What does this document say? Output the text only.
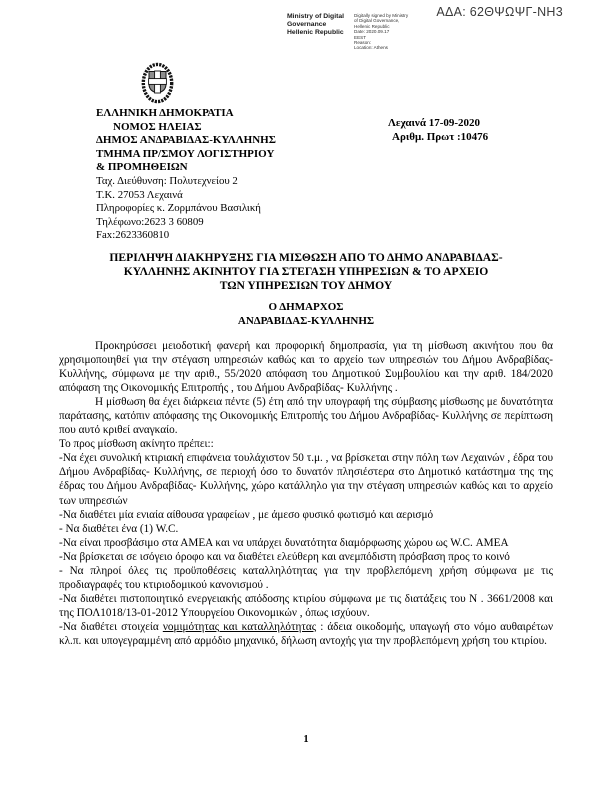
ΑΔΑ: 62ΘΨΩΨΓ-ΝΗ3
Ministry of Digital
Governance
Hellenic Republic
Digitally signed by Ministry
of Digital Governance,
Hellenic Republic
Date: 2020.09.17
EEST
Reason:
Location: Athens
ΕΛΛΗΝΙΚΗ ΔΗΜΟΚΡΑΤΙΑ
ΝΟΜΟΣ ΗΛΕΙΑΣ
ΔΗΜΟΣ ΑΝΔΡΑΒΙΔΑΣ-ΚΥΛΛΗΝΗΣ
ΤΜΗΜΑ ΠΡ/ΣΜΟΥ ΛΟΓΙΣΤΗΡΙΟΥ
& ΠΡΟΜΗΘΕΙΩΝ
Ταχ. Διεύθυνση: Πολυτεχνείου 2
Τ.Κ. 27053 Λεχαινά
Πληροφορίες κ. Ζορμπάνου Βασιλική
Τηλέφωνο:2623 3 60809
Fax:2623360810
Λεχαινά 17-09-2020
Αριθμ. Πρωτ :10476
ΠΕΡΙΛΗΨΗ ΔΙΑΚΗΡΥΞΗΣ ΓΙΑ ΜΙΣΘΩΣΗ ΑΠΟ ΤΟ ΔΗΜΟ ΑΝΔΡΑΒΙΔΑΣ-
ΚΥΛΛΗΝΗΣ ΑΚΙΝΗΤΟΥ ΓΙΑ ΣΤΕΓΑΣΗ ΥΠΗΡΕΣΙΩΝ & ΤΟ ΑΡΧΕΙΟ
ΤΩΝ ΥΠΗΡΕΣΙΩΝ ΤΟΥ ΔΗΜΟΥ
Ο ΔΗΜΑΡΧΟΣ
ΑΝΔΡΑΒΙΔΑΣ-ΚΥΛΛΗΝΗΣ

Προκηρύσσει μειοδοτική φανερή και προφορική δημοπρασία, για τη μίσθωση ακινήτου που θα χρησιμοποιηθεί για την στέγαση υπηρεσιών καθώς και το αρχείο των υπηρεσιών του Δήμου Ανδραβίδας- Κυλλήνης, σύμφωνα με την αριθ., 55/2020 απόφαση του Δημοτικού Συμβουλίου και την αριθ. 184/2020 απόφαση της Οικονομικής Επιτροπής , του Δήμου Ανδραβίδας- Κυλλήνης .

Η μίσθωση θα έχει διάρκεια πέντε (5) έτη από την υπογραφή της σύμβασης μίσθωσης με δυνατότητα παράτασης, κατόπιν απόφασης της Οικονομικής Επιτροπής του Δήμου Ανδραβίδας- Κυλλήνης σε περίπτωση που αυτό κριθεί αναγκαίο.

Το προς μίσθωση ακίνητο πρέπει::

-Να έχει συνολική κτιριακή επιφάνεια τουλάχιστον 50 τ.μ. , να βρίσκεται στην πόλη των Λεχαινών , έδρα του Δήμου Ανδραβίδας- Κυλλήνης, σε περιοχή όσο το δυνατόν πλησιέστερα στο Δημοτικό κατάστημα της της έδρας του Δήμου Ανδραβίδας- Κυλλήνης, χώρο κατάλληλο για την στέγαση υπηρεσιών καθώς και το αρχείο των υπηρεσιών

-Να διαθέτει μία ενιαία αίθουσα γραφείων , με άμεσο φυσικό φωτισμό και αερισμό

- Να διαθέτει ένα (1) W.C.

-Να είναι προσβάσιμο στα ΑΜΕΑ και να υπάρχει δυνατότητα διαμόρφωσης χώρου ως W.C. ΑΜΕΑ

-Να βρίσκεται σε ισόγειο όροφο και να διαθέτει ελεύθερη και ανεμπόδιστη πρόσβαση προς το κοινό

- Να πληροί όλες τις προϋποθέσεις καταλληλότητας για την προβλεπόμενη χρήση σύμφωνα με τις προδιαγραφές του κτιριοδομικού κανονισμού .

-Να διαθέτει πιστοποιητικό ενεργειακής απόδοσης κτιρίου σύμφωνα με τις διατάξεις του Ν . 3661/2008 και της ΠΟΛ1018/13-01-2012 Υπουργείου Οικονομικών , όπως ισχύουν.

-Να διαθέτει στοιχεία νομιμότητας και καταλληλότητας : άδεια οικοδομής, υπαγωγή στο νόμο αυθαιρέτων κλ.π. και υπογεγραμμένη από αρμόδιο μηχανικό, δήλωση αντοχής για την προβλεπόμενη χρήση του κτιρίου.

1
